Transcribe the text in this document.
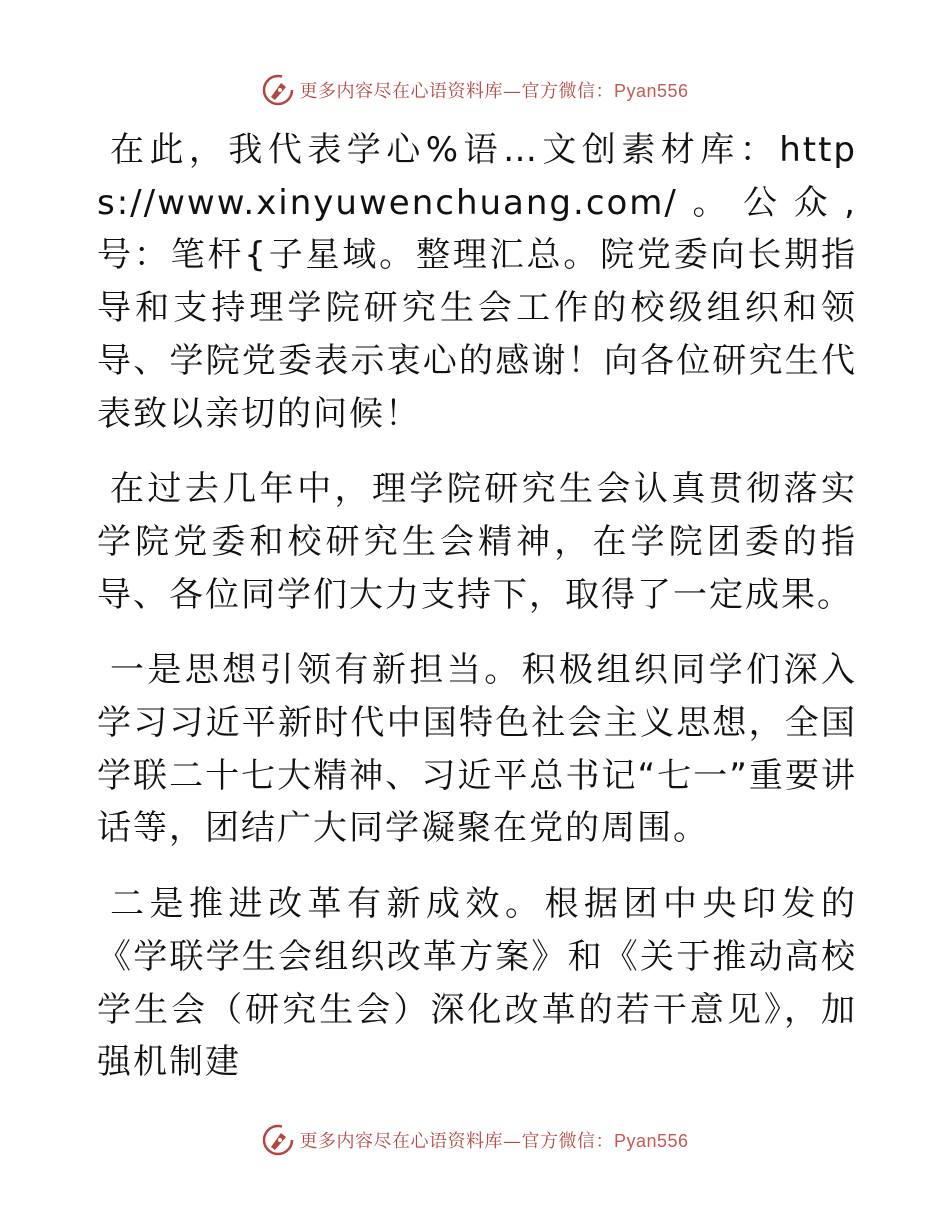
更多内容尽在心语资料库—官方微信：Pyan556

在此，我代表学心%语…文创素材库：https://www.xinyuwenchuang.com/。公众,号：笔杆{子星域。整理汇总。院党委向长期指导和支持理学院研究生会工作的校级组织和领导、学院党委表示衷心的感谢！向各位研究生代表致以亲切的问候！

在过去几年中，理学院研究生会认真贯彻落实学院党委和校研究生会精神，在学院团委的指导、各位同学们大力支持下，取得了一定成果。

一是思想引领有新担当。积极组织同学们深入学习习近平新时代中国特色社会主义思想，全国学联二十七大精神、习近平总书记“七一”重要讲话等，团结广大同学凝聚在党的周围。

二是推进改革有新成效。根据团中央印发的《学联学生会组织改革方案》和《关于推动高校学生会（研究生会）深化改革的若干意见》，加强机制建

更多内容尽在心语资料库—官方微信：Pyan556
